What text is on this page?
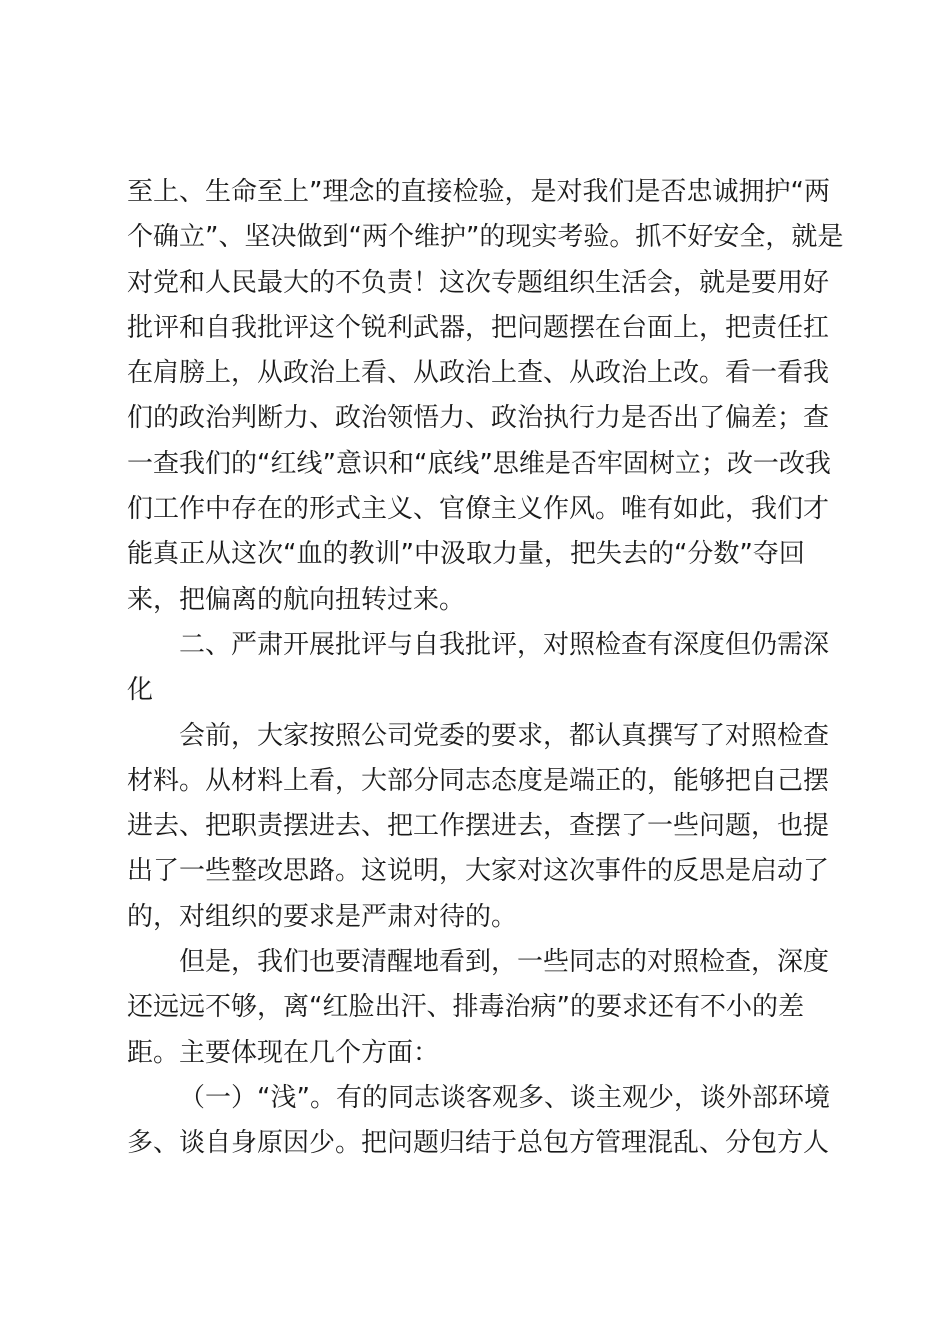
至上、生命至上”理念的直接检验，是对我们是否忠诚拥护“两

个确立”、坚决做到“两个维护”的现实考验。抓不好安全，就是

对党和人民最大的不负责！这次专题组织生活会，就是要用好

批评和自我批评这个锐利武器，把问题摆在台面上，把责任扛

在肩膀上，从政治上看、从政治上查、从政治上改。看一看我

们的政治判断力、政治领悟力、政治执行力是否出了偏差；查

一查我们的“红线”意识和“底线”思维是否牢固树立；改一改我

们工作中存在的形式主义、官僚主义作风。唯有如此，我们才

能真正从这次“血的教训”中汲取力量，把失去的“分数”夺回

来，把偏离的航向扭转过来。

二、严肃开展批评与自我批评，对照检查有深度但仍需深

化

会前，大家按照公司党委的要求，都认真撰写了对照检查

材料。从材料上看，大部分同志态度是端正的，能够把自己摆

进去、把职责摆进去、把工作摆进去，查摆了一些问题，也提

出了一些整改思路。这说明，大家对这次事件的反思是启动了

的，对组织的要求是严肃对待的。

但是，我们也要清醒地看到，一些同志的对照检查，深度

还远远不够，离“红脸出汗、排毒治病”的要求还有不小的差

距。主要体现在几个方面：

（一）“浅”。有的同志谈客观多、谈主观少，谈外部环境

多、谈自身原因少。把问题归结于总包方管理混乱、分包方人
